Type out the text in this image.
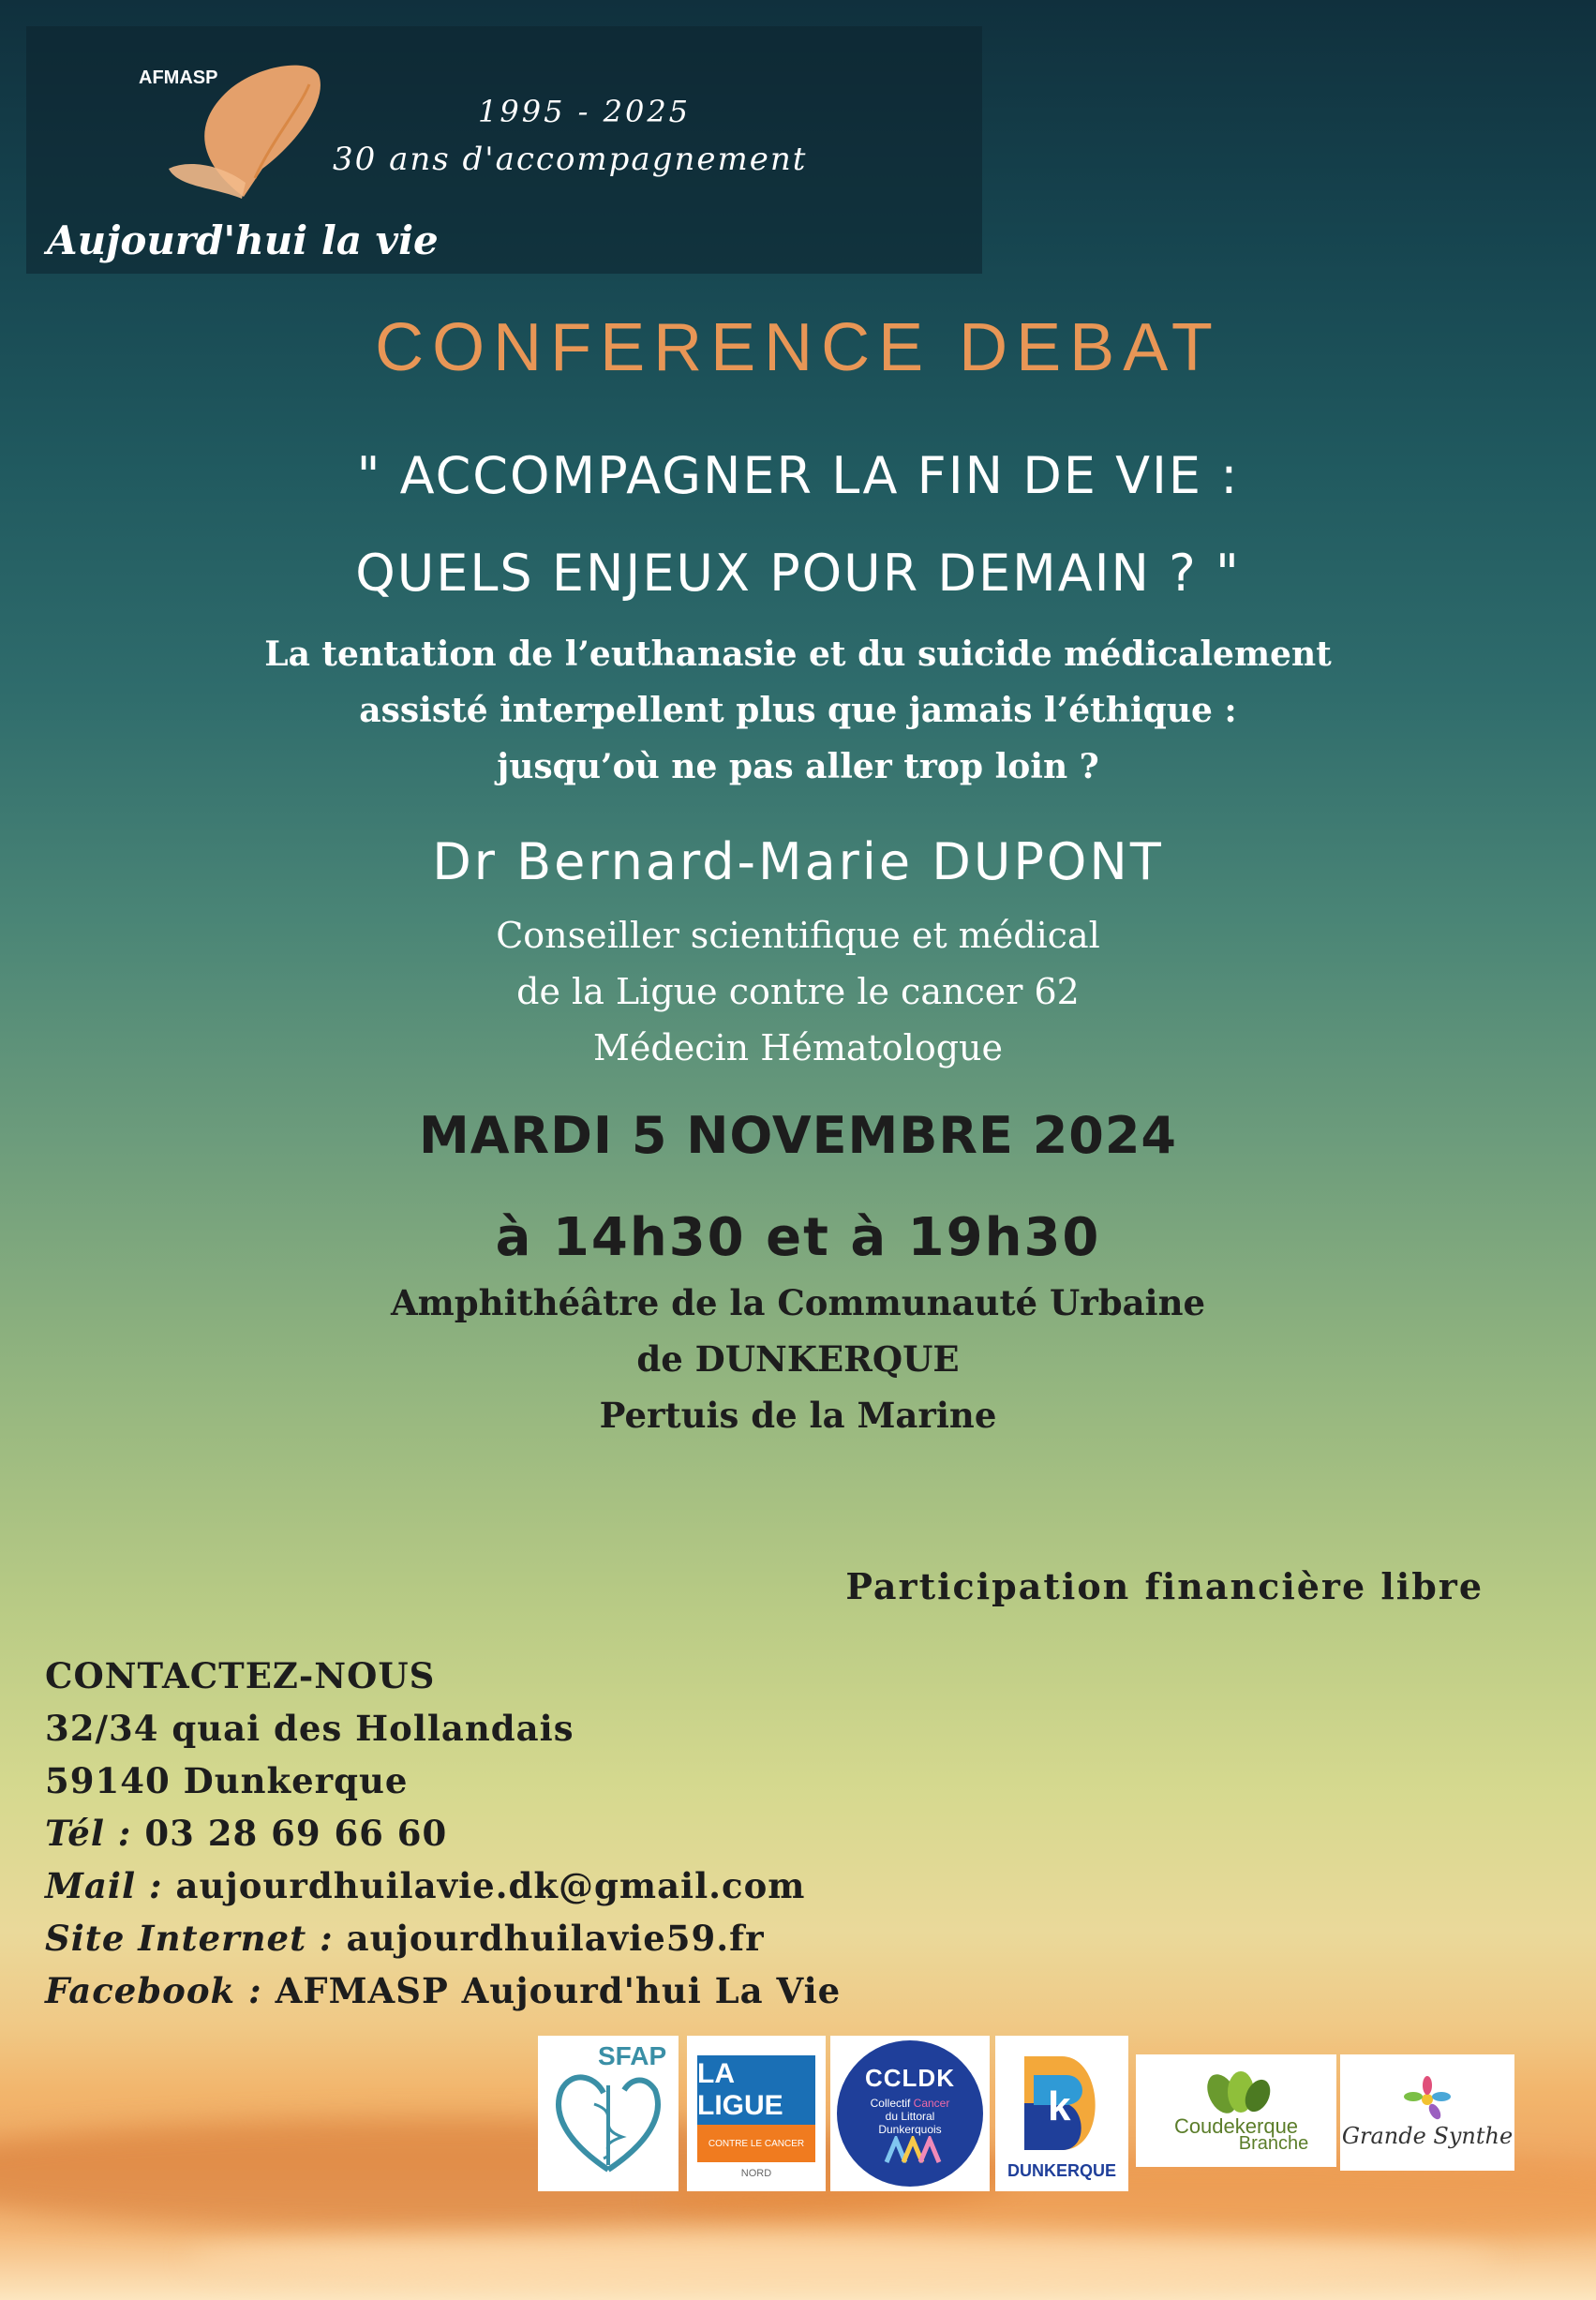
AFMASP
1995 - 2025
30 ans d'accompagnement
Aujourd'hui la vie
CONFERENCE DEBAT
" ACCOMPAGNER LA FIN DE VIE :
QUELS ENJEUX POUR DEMAIN ? "
La tentation de l’euthanasie et du suicide médicalement
assisté interpellent plus que jamais l’éthique :
jusqu’où ne pas aller trop loin ?
Dr Bernard-Marie DUPONT
Conseiller scientifique et médical
de la Ligue contre le cancer 62
Médecin Hématologue
MARDI 5 NOVEMBRE 2024
à 14h30 et à 19h30
Amphithéâtre de la Communauté Urbaine
de DUNKERQUE
Pertuis de la Marine
Participation financière libre
CONTACTEZ-NOUS
32/34 quai des Hollandais
59140 Dunkerque
Tél : 03 28 69 66 60
Mail : aujourdhuilavie.dk@gmail.com
Site Internet : aujourdhuilavie59.fr
Facebook : AFMASP Aujourd'hui La Vie
SFAP
LA LIGUE
CONTRE LE CANCER
NORD
CCLDK
Collectif Cancer
du Littoral
Dunkerquois	k
DUNKERQUE
Coudekerque
Branche Grande Synthe
